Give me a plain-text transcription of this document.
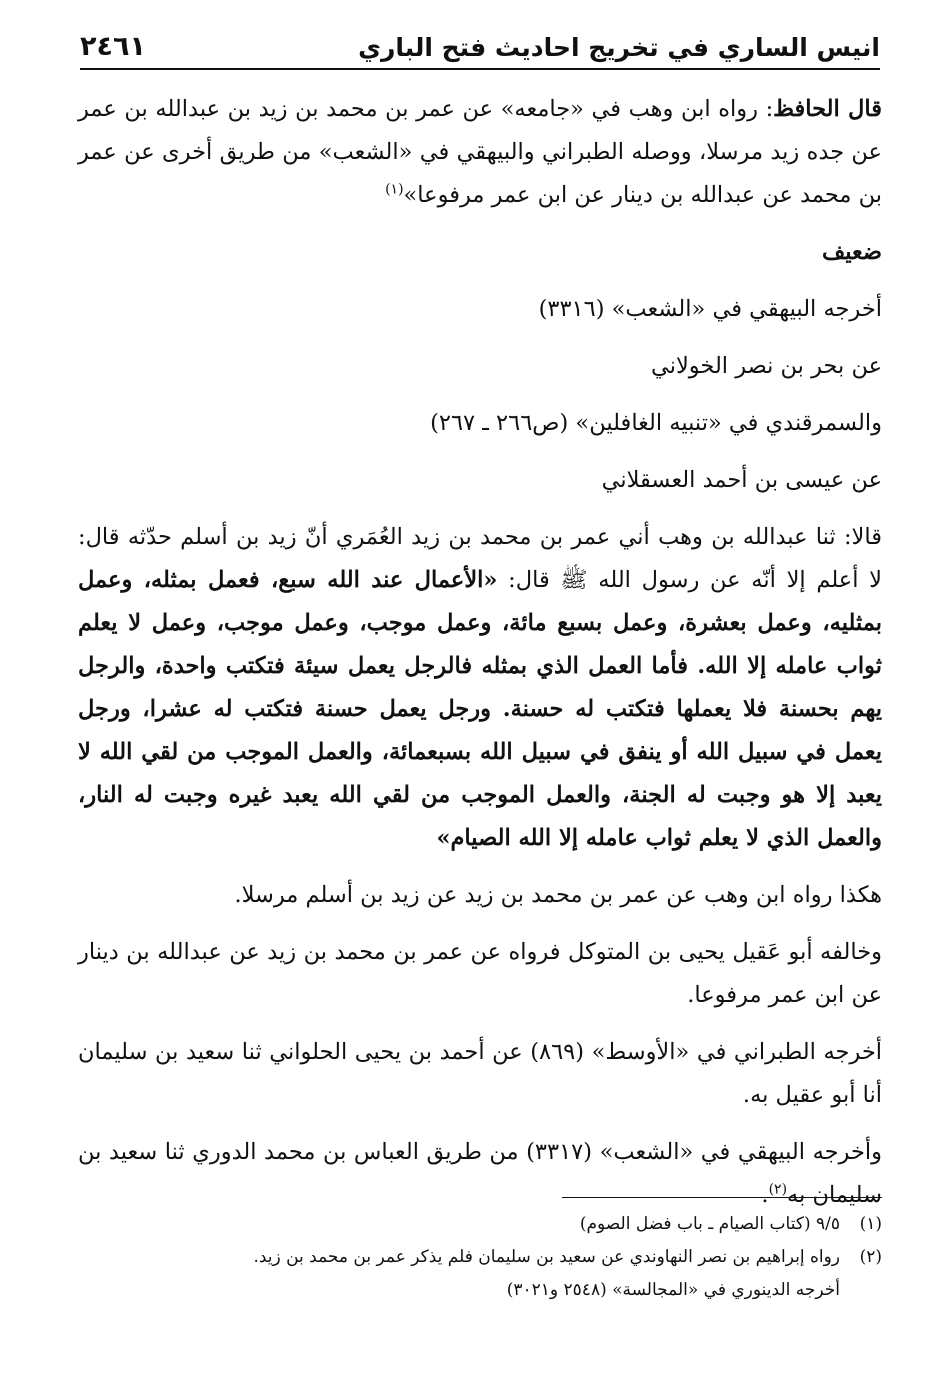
انيس الساري في تخريج احاديث فتح الباري
٢٤٦١

قال الحافظ: رواه ابن وهب في «جامعه» عن عمر بن محمد بن زيد بن عبدالله بن عمر عن جده زيد مرسلا، ووصله الطبراني والبيهقي في «الشعب» من طريق أخرى عن عمر بن محمد عن عبدالله بن دينار عن ابن عمر مرفوعا»$^{(١)}$

ضعيف

أخرجه البيهقي في «الشعب» (٣٣١٦)

عن بحر بن نصر الخولاني

والسمرقندي في «تنبيه الغافلين» (ص٢٦٦ ـ ٢٦٧)

عن عيسى بن أحمد العسقلاني

قالا: ثنا عبدالله بن وهب أني عمر بن محمد بن زيد العُمَري أنّ زيد بن أسلم حدّثه قال: لا أعلم إلا أنّه عن رسول الله ﷺ قال: «الأعمال عند الله سبع، فعمل بمثله، وعمل بمثليه، وعمل بعشرة، وعمل بسبع مائة، وعمل موجب، وعمل موجب، وعمل لا يعلم ثواب عامله إلا الله. فأما العمل الذي بمثله فالرجل يعمل سيئة فتكتب واحدة، والرجل يهم بحسنة فلا يعملها فتكتب له حسنة. ورجل يعمل حسنة فتكتب له عشرا، ورجل يعمل في سبيل الله أو ينفق في سبيل الله بسبعمائة، والعمل الموجب من لقي الله لا يعبد إلا هو وجبت له الجنة، والعمل الموجب من لقي الله يعبد غيره وجبت له النار، والعمل الذي لا يعلم ثواب عامله إلا الله الصيام»

هكذا رواه ابن وهب عن عمر بن محمد بن زيد عن زيد بن أسلم مرسلا.

وخالفه أبو عَقيل يحيى بن المتوكل فرواه عن عمر بن محمد بن زيد عن عبدالله بن دينار عن ابن عمر مرفوعا.

أخرجه الطبراني في «الأوسط» (٨٦٩) عن أحمد بن يحيى الحلواني ثنا سعيد بن سليمان أنا أبو عقيل به.

وأخرجه البيهقي في «الشعب» (٣٣١٧) من طريق العباس بن محمد الدوري ثنا سعيد بن سليمان به$^{(٢)}$.

(١)
٩/٥ (كتاب الصيام ـ باب فضل الصوم)
(٢)
رواه إبراهيم بن نصر النهاوندي عن سعيد بن سليمان فلم يذكر عمر بن محمد بن زيد.
أخرجه الدينوري في «المجالسة» (٢٥٤٨ و٣٠٢١)
